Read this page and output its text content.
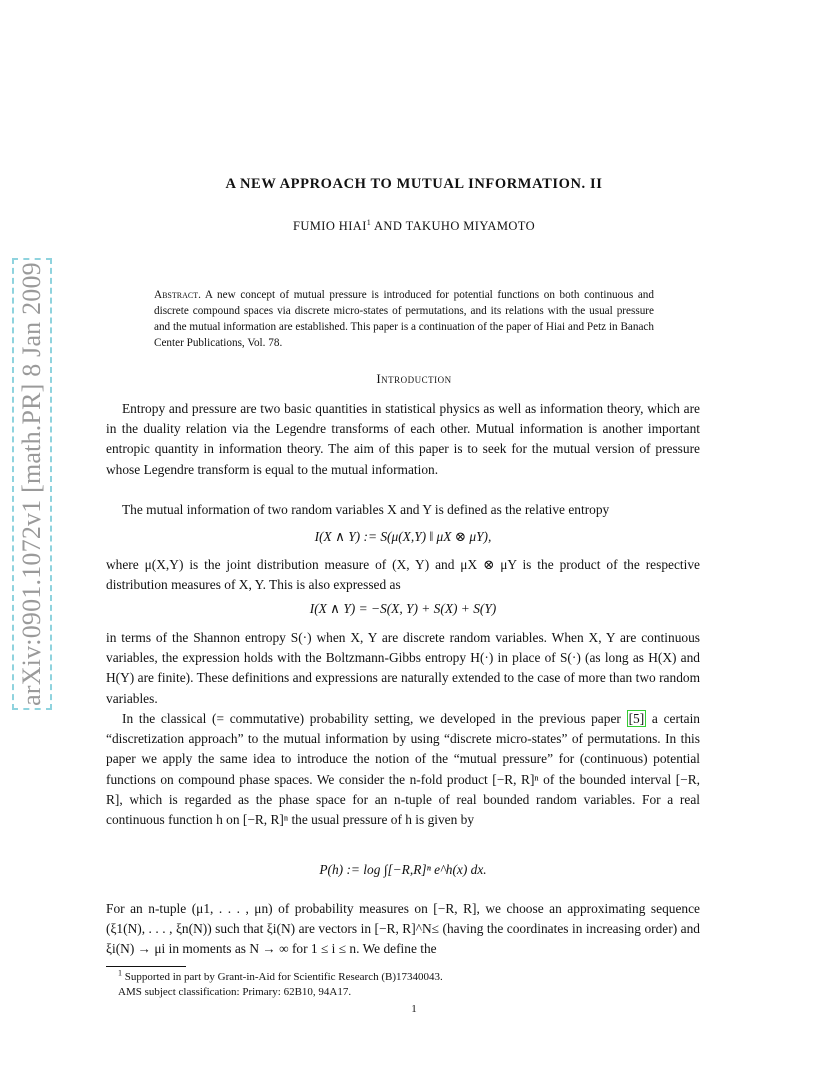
arXiv:0901.1072v1 [math.PR] 8 Jan 2009
A NEW APPROACH TO MUTUAL INFORMATION. II
FUMIO HIAI$^1$ AND TAKUHO MIYAMOTO

Abstract. A new concept of mutual pressure is introduced for potential functions on both continuous and discrete compound spaces via discrete micro-states of permutations, and its relations with the usual pressure and the mutual information are established. This paper is a continuation of the paper of Hiai and Petz in Banach Center Publications, Vol. 78.

Introduction

Entropy and pressure are two basic quantities in statistical physics as well as information theory, which are in the duality relation via the Legendre transforms of each other. Mutual information is another important entropic quantity in information theory. The aim of this paper is to seek for the mutual version of pressure whose Legendre transform is equal to the mutual information.

The mutual information of two random variables X and Y is defined as the relative entropy

I(X ∧ Y) := S(μ(X,Y) ‖ μX ⊗ μY),

where μ(X,Y) is the joint distribution measure of (X, Y) and μX ⊗ μY is the product of the respective distribution measures of X, Y. This is also expressed as

I(X ∧ Y) = −S(X, Y) + S(X) + S(Y)

in terms of the Shannon entropy S(·) when X, Y are discrete random variables. When X, Y are continuous variables, the expression holds with the Boltzmann-Gibbs entropy H(·) in place of S(·) (as long as H(X) and H(Y) are finite). These definitions and expressions are naturally extended to the case of more than two random variables.

In the classical (= commutative) probability setting, we developed in the previous paper [5] a certain “discretization approach” to the mutual information by using “discrete micro-states” of permutations. In this paper we apply the same idea to introduce the notion of the “mutual pressure” for (continuous) potential functions on compound phase spaces. We consider the n-fold product [−R, R]ⁿ of the bounded interval [−R, R], which is regarded as the phase space for an n-tuple of real bounded random variables. For a real continuous function h on [−R, R]ⁿ the usual pressure of h is given by

P(h) := log ∫[−R,R]ⁿ e^h(x) dx.

For an n-tuple (μ1, . . . , μn) of probability measures on [−R, R], we choose an approximating sequence (ξ1(N), . . . , ξn(N)) such that ξi(N) are vectors in [−R, R]^N≤ (having the coordinates in increasing order) and ξi(N) → μi in moments as N → ∞ for 1 ≤ i ≤ n. We define the

$^1$ Supported in part by Grant-in-Aid for Scientific Research (B)17340043.
AMS subject classification: Primary: 62B10, 94A17.

1
